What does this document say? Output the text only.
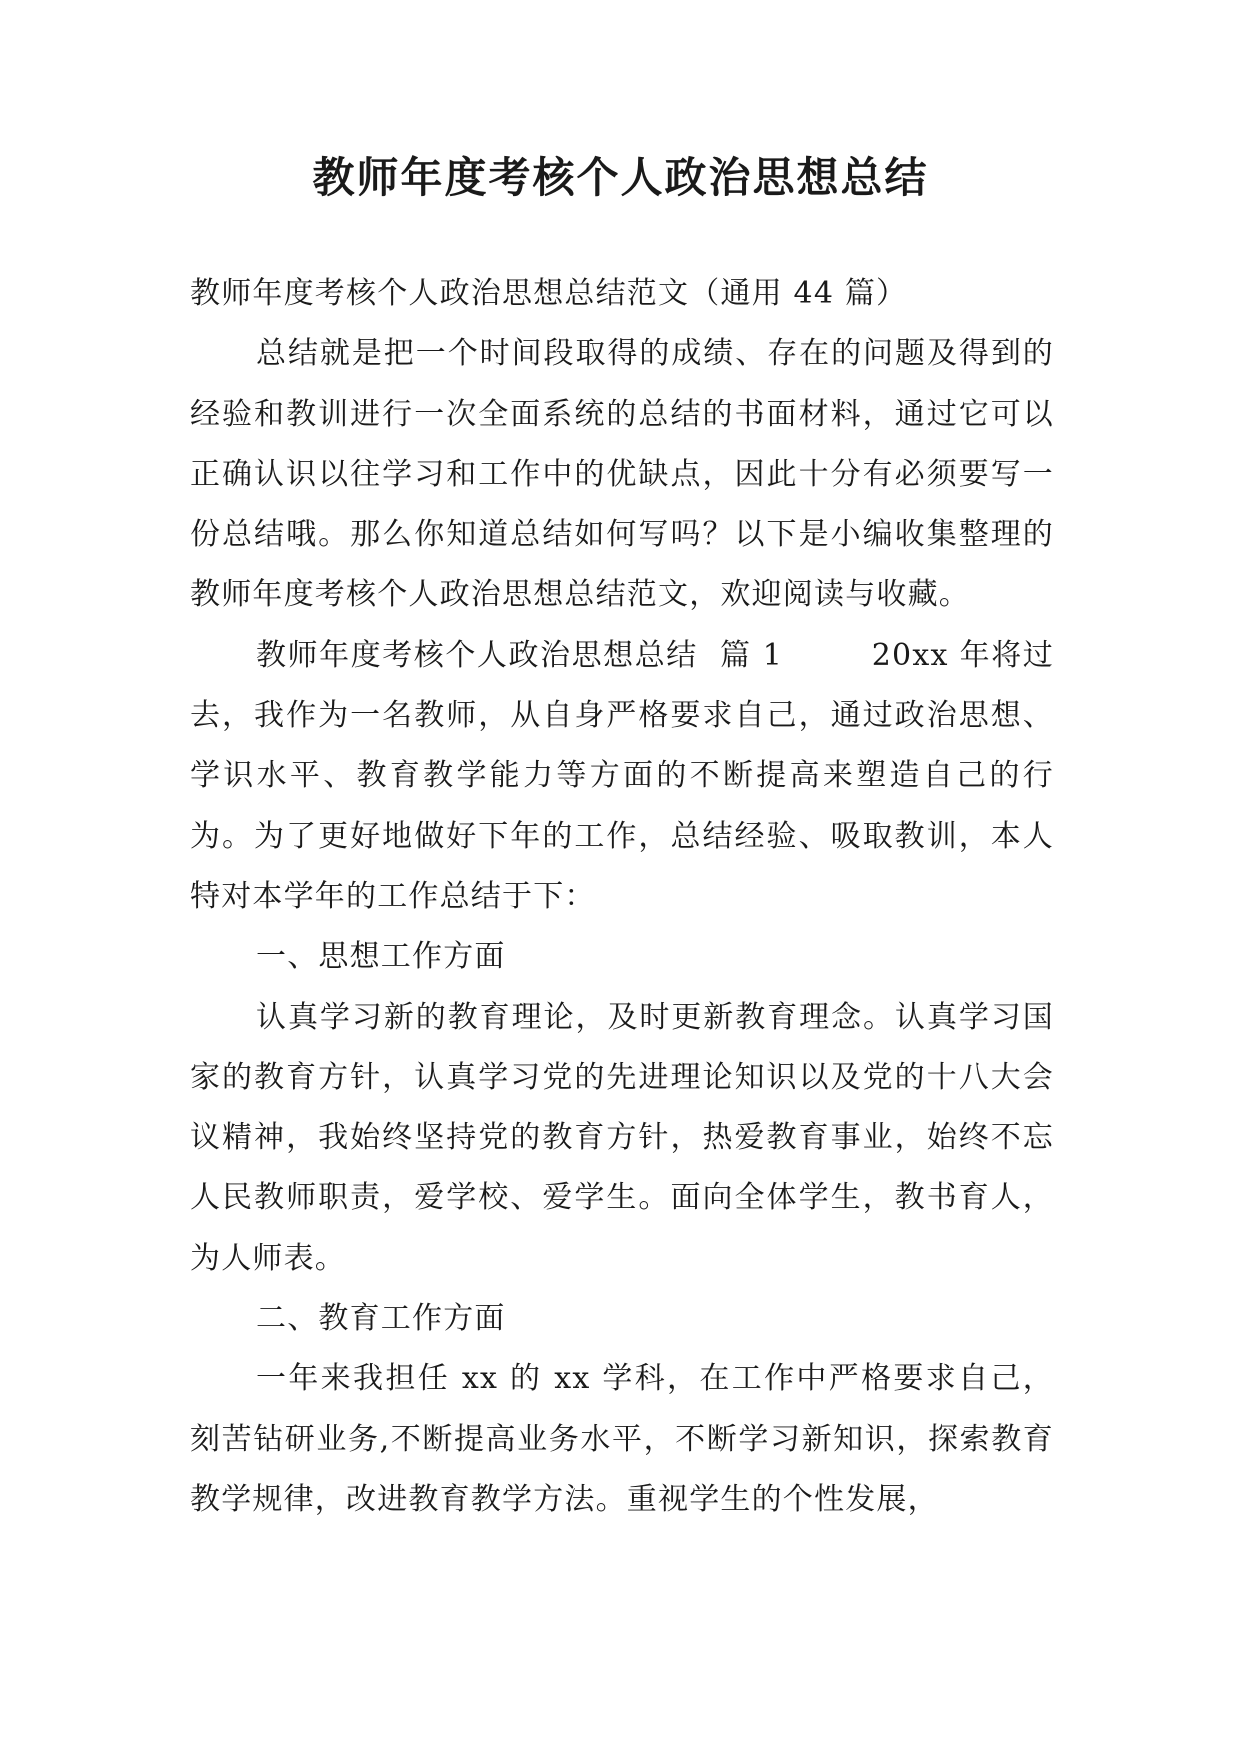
教师年度考核个人政治思想总结

教师年度考核个人政治思想总结范文（通用 44 篇）

总结就是把一个时间段取得的成绩、存在的问题及得到的经验和教训进行一次全面系统的总结的书面材料，通过它可以正确认识以往学习和工作中的优缺点，因此十分有必须要写一份总结哦。那么你知道总结如何写吗？以下是小编收集整理的教师年度考核个人政治思想总结范文，欢迎阅读与收藏。

教师年度考核个人政治思想总结  篇 1        20xx 年将过去，我作为一名教师，从自身严格要求自己，通过政治思想、学识水平、教育教学能力等方面的不断提高来塑造自己的行为。为了更好地做好下年的工作，总结经验、吸取教训，本人特对本学年的工作总结于下：

一、思想工作方面

认真学习新的教育理论，及时更新教育理念。认真学习国家的教育方针，认真学习党的先进理论知识以及党的十八大会议精神，我始终坚持党的教育方针，热爱教育事业，始终不忘人民教师职责，爱学校、爱学生。面向全体学生，教书育人，为人师表。

二、教育工作方面

一年来我担任 xx 的 xx 学科，在工作中严格要求自己，刻苦钻研业务,不断提高业务水平，不断学习新知识，探索教育教学规律，改进教育教学方法。重视学生的个性发展，
